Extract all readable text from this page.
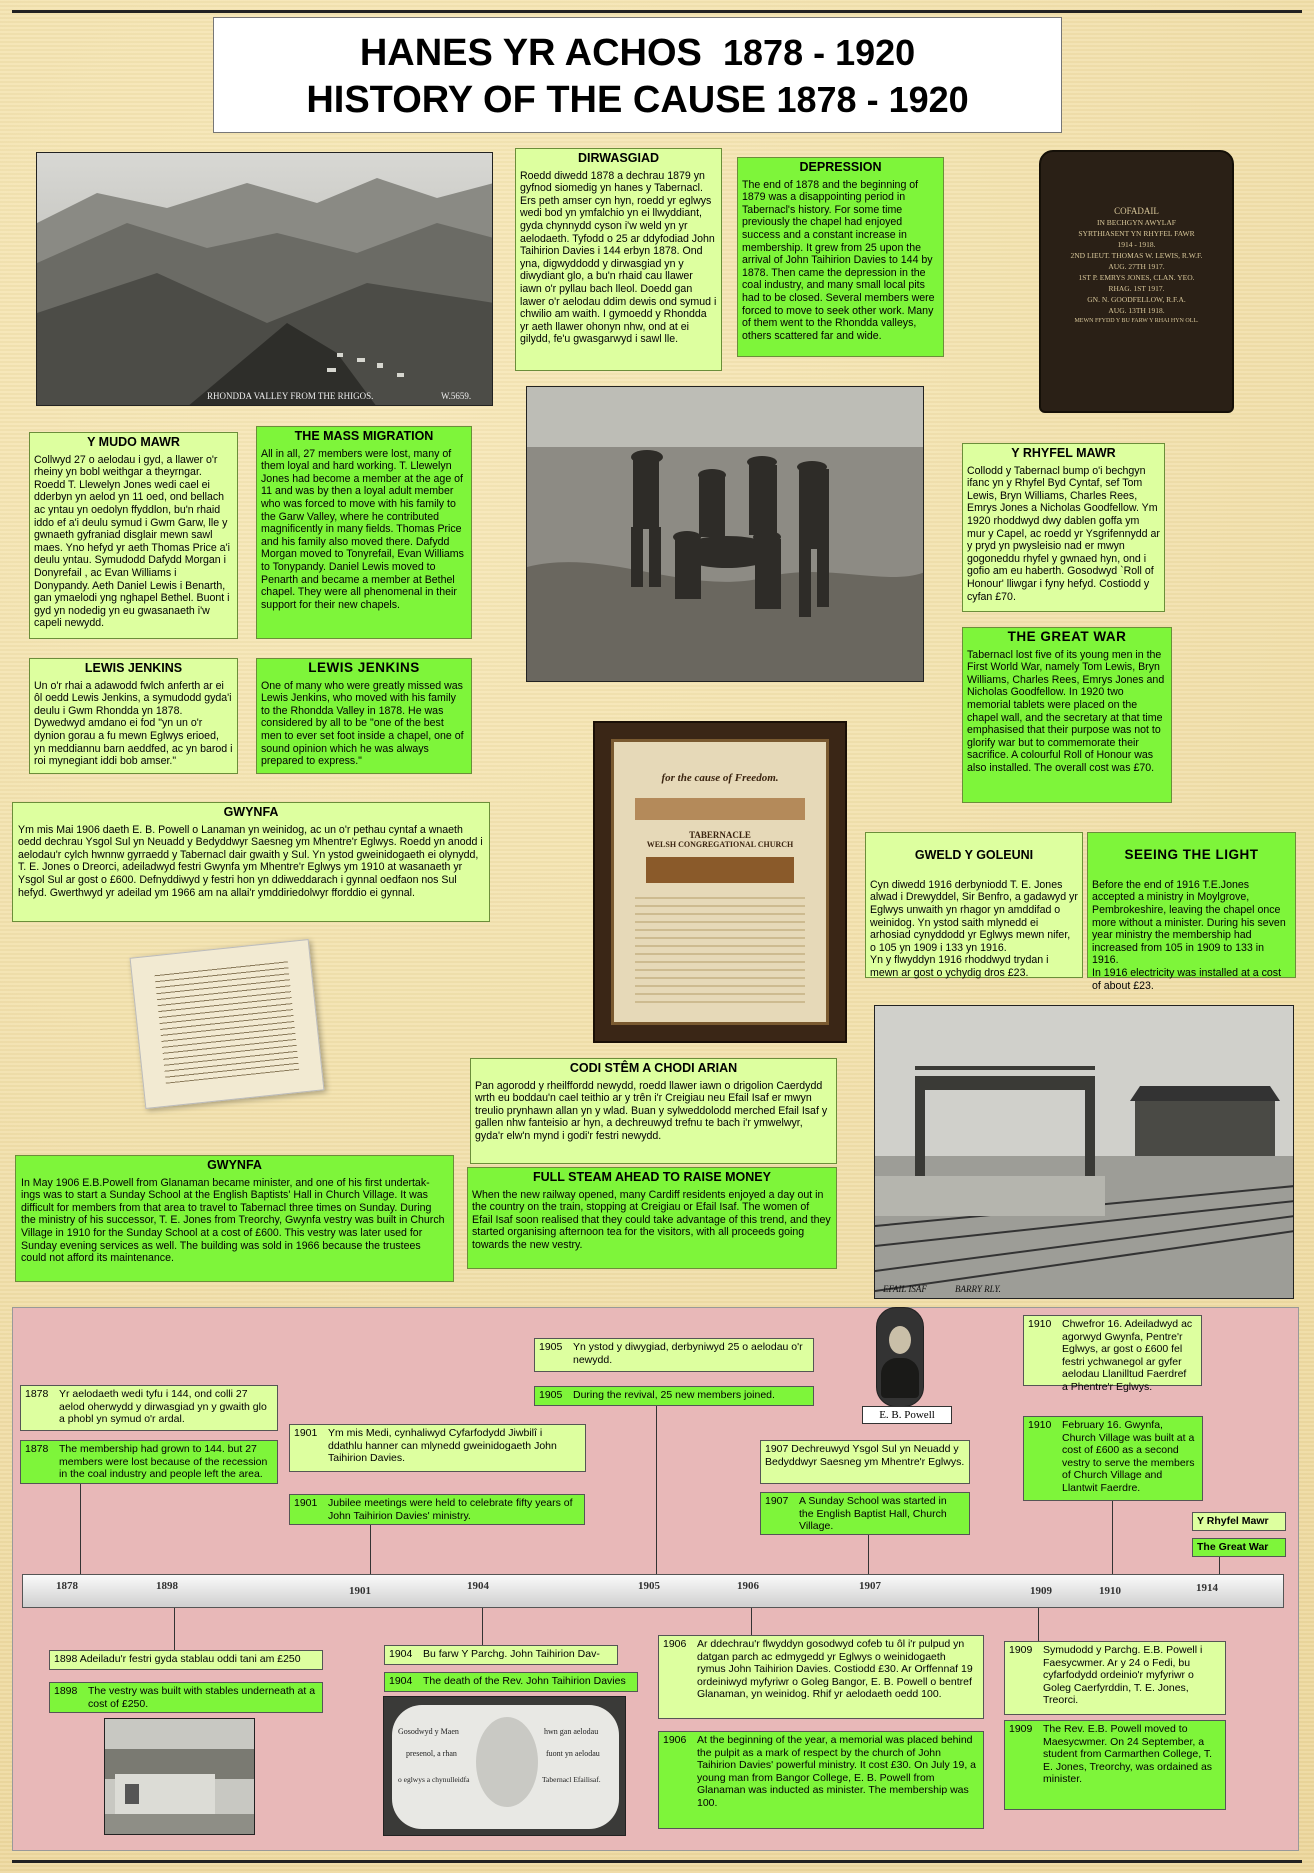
HANES YR ACHOS 1878 - 1920
HISTORY OF THE CAUSE 1878 - 1920
RHONDDA VALLEY FROM THE RHIGOS.	W.5659.
DIRWASGIAD
Roedd diwedd 1878 a dechrau 1879 yn gyfnod siomedig yn hanes y Tabernacl. Ers peth amser cyn hyn, roedd yr eglwys wedi bod yn ymfalchio yn ei llwyddiant, gyda chynnydd cyson i'w weld yn yr aelodaeth. Tyfodd o 25 ar ddyfodiad John Taihirion Davies i 144 erbyn 1878. Ond yna, digwyddodd y dirwasgiad yn y diwydiant glo, a bu'n rhaid cau llawer iawn o'r pyllau bach lleol. Doedd gan lawer o'r aelodau ddim dewis ond symud i chwilio am waith. I gymoedd y Rhondda yr aeth llawer ohonyn nhw, ond at ei gilydd, fe'u gwasgarwyd i sawl lle.
DEPRESSION
The end of 1878 and the beginning of 1879 was a disappointing period in Tabernacl's history. For some time previously the chapel had enjoyed success and a constant increase in membership. It grew from 25 upon the arrival of John Taihirion Davies to 144 by 1878. Then came the depression in the coal industry, and many small local pits had to be closed. Several members were forced to move to seek other work. Many of them went to the Rhondda valleys, others scattered far and wide.
COFADAIL
IN BECHGYN AWYLAF
SYRTHIASENT YN RHYFEL FAWR
1914 - 1918.
2ND LIEUT. THOMAS W. LEWIS, R.W.F.
AUG. 27TH 1917.
1ST P. EMRYS JONES, CLAN. YEO.
RHAG. 1ST 1917.
GN. N. GOODFELLOW, R.F.A.
AUG. 13TH 1918.
MEWN FFYDD Y BU FARW Y RHAI HYN OLL.
Y MUDO MAWR
Collwyd 27 o aelodau i gyd, a llawer o'r rheiny yn bobl weithgar a theyrngar. Roedd T. Llewelyn Jones wedi cael ei dderbyn yn aelod yn 11 oed, ond bellach ac yntau yn oedolyn ffyddlon, bu'n rhaid iddo ef a'i deulu symud i Gwm Garw, lle y gwnaeth gyfraniad disglair mewn sawl maes. Yno hefyd yr aeth Thomas Price a'i deulu yntau. Symudodd Dafydd Morgan i Donyrefail , ac Evan Williams i Donypandy. Aeth Daniel Lewis i Benarth, gan ymaelodi yng nghapel Bethel. Buont i gyd yn nodedig yn eu gwasanaeth i'w capeli newydd.
THE MASS MIGRATION
All in all, 27 members were lost, many of them loyal and hard working. T. Llewelyn Jones had become a member at the age of 11 and was by then a loyal adult member who was forced to move with his family to the Garw Valley, where he contributed magnificently in many fields. Thomas Price and his family also moved there. Dafydd Morgan moved to Tonyrefail, Evan Williams to Tonypandy. Daniel Lewis moved to Penarth and became a member at Bethel chapel. They were all phenomenal in their support for their new chapels.
Y RHYFEL MAWR
Collodd y Tabernacl bump o'i bechgyn ifanc yn y Rhyfel Byd Cyntaf, sef Tom Lewis, Bryn Williams, Charles Rees, Emrys Jones a Nicholas Goodfellow. Ym 1920 rhoddwyd dwy dablen goffa ym mur y Capel, ac roedd yr Ysgrifennydd ar y pryd yn pwysleisio nad er mwyn gogoneddu rhyfel y gwnaed hyn, ond i gofio am eu haberth. Gosodwyd `Roll of Honour' lliwgar i fyny hefyd. Costiodd y cyfan £70.
THE GREAT WAR
Tabernacl lost five of its young men in the First World War, namely Tom Lewis, Bryn Williams, Charles Rees, Emrys Jones and Nicholas Goodfellow. In 1920 two memorial tablets were placed on the chapel wall, and the secretary at that time emphasised that their purpose was not to glorify war but to commemorate their sacrifice. A colourful Roll of Honour was also installed. The overall cost was £70.
LEWIS JENKINS
Un o'r rhai a adawodd fwlch anferth ar ei ôl oedd Lewis Jenkins, a symudodd gyda'i deulu i Gwm Rhondda yn 1878. Dywedwyd amdano ei fod "yn un o'r dynion gorau a fu mewn Eglwys erioed, yn meddiannu barn aeddfed, ac yn barod i roi mynegiant iddi bob amser."
LEWIS JENKINS
One of many who were greatly missed was Lewis Jenkins, who moved with his family to the Rhondda Valley in 1878. He was considered by all to be "one of the best men to ever set foot inside a chapel, one of sound opinion which he was always prepared to express."
for the cause of Freedom.
TABERNACLE
WELSH CONGREGATIONAL CHURCH
GWYNFA
Ym mis Mai 1906 daeth E. B. Powell o Lanaman yn weinidog, ac un o'r pethau cyntaf a wnaeth oedd dechrau Ysgol Sul yn Neuadd y Bedyddwyr Saesneg ym Mhentre'r Eglwys. Roedd yn anodd i aelodau'r cylch hwnnw gyrraedd y Tabernacl dair gwaith y Sul. Yn ystod gweinidogaeth ei olynydd, T. E. Jones o Dreorci, adeiladwyd festri Gwynfa ym Mhentre'r Eglwys ym 1910 at wasanaeth yr Ysgol Sul ar gost o £600. Defnyddiwyd y festri hon yn ddiweddarach i gynnal oedfaon nos Sul hefyd. Gwerthwyd yr adeilad ym 1966 am na allai'r ymddiriedolwyr fforddio ei gynnal.

GWELD Y GOLEUNI

Cyn diwedd 1916 derbyniodd T. E. Jones alwad i Drewyddel, Sir Benfro, a gadawyd yr Eglwys unwaith yn rhagor yn amddifad o weinidog. Yn ystod saith mlynedd ei arhosiad cynyddodd yr Eglwys mewn nifer, o 105 yn 1909 i 133 yn 1916.
Yn y flwyddyn 1916 rhoddwyd trydan i mewn ar gost o ychydig dros £23.

SEEING THE LIGHT

Before the end of 1916 T.E.Jones accepted a ministry in Moylgrove, Pembrokeshire, leaving the chapel once more without a minister. During his seven year ministry the membership had increased from 105 in 1909 to 133 in 1916.
In 1916 electricity was installed at a cost of about £23.

EFAIL ISAF	BARRY RLY.
CODI STÊM A CHODI ARIAN
Pan agorodd y rheilffordd newydd, roedd llawer iawn o drigolion Caerdydd wrth eu boddau'n cael teithio ar y trên i'r Creigiau neu Efail Isaf er mwyn treulio prynhawn allan yn y wlad. Buan y sylweddolodd merched Efail Isaf y gallen nhw fanteisio ar hyn, a dechreuwyd trefnu te bach i'r ymwelwyr, gyda'r elw'n mynd i godi'r festri newydd.
FULL STEAM AHEAD TO RAISE MONEY
When the new railway opened, many Cardiff residents enjoyed a day out in the country on the train, stopping at Creigiau or Efail Isaf. The women of Efail Isaf soon realised that they could take advantage of this trend, and they started organising afternoon tea for the visitors, with all proceeds going towards the new vestry.
GWYNFA
In May 1906 E.B.Powell from Glanaman became minister, and one of his first undertak-ings was to start a Sunday School at the English Baptists' Hall in Church Village. It was difficult for members from that area to travel to Tabernacl three times on Sunday. During the ministry of his successor, T. E. Jones from Treorchy, Gwynfa vestry was built in Church Village in 1910 for the Sunday School at a cost of £600. This vestry was later used for Sunday evening services as well. The building was sold in 1966 because the trustees could not afford its maintenance.
1878	1898	1901	1904	1905	1906	1907	1909	1910	1914
1878 Yr aelodaeth wedi tyfu i 144, ond colli 27 aelod oherwydd y dirwasgiad yn y gwaith glo a phobl yn symud o'r ardal.
1878 The membership had grown to 144. but 27 members were lost because of the recession in the coal industry and people left the area.
1901 Ym mis Medi, cynhaliwyd Cyfarfodydd Jiwbilî i ddathlu hanner can mlynedd gweinidogaeth John Taihirion Davies.
1901 Jubilee meetings were held to celebrate fifty years of John Taihirion Davies' ministry.
1905 Yn ystod y diwygiad, derbyniwyd 25 o aelodau o'r newydd.
1905 During the revival, 25 new members joined.
E. B. Powell
1907 Dechreuwyd Ysgol Sul yn Neuadd y Bedyddwyr Saesneg ym Mhentre'r Eglwys.
1907 A Sunday School was started in the English Baptist Hall, Church Village.
1910 Chwefror 16. Adeiladwyd ac agorwyd Gwynfa, Pentre'r Eglwys, ar gost o £600 fel festri ychwanegol ar gyfer aelodau Llanilltud Faerdref a Phentre'r Eglwys.
1910 February 16. Gwynfa, Church Village was built at a cost of £600 as a second vestry to serve the members of Church Village and Llantwit Faerdre.
Y Rhyfel Mawr
The Great War
1898 Adeiladu'r festri gyda stablau oddi tani am £250
1898 The vestry was built with stables underneath at a cost of £250.
1904 Bu farw Y Parchg. John Taihirion Dav-
1904 The death of the Rev. John Taihirion Davies
Gosodwyd y Maen
presenol, a rhan
o eglwys a chynulleidfa
hwn gan aelodau
fuont yn aelodau
Tabernacl Efailisaf.
1906 Ar ddechrau'r flwyddyn gosodwyd cofeb tu ôl i'r pulpud yn datgan parch ac edmygedd yr Eglwys o weinidogaeth rymus John Taihirion Davies. Costiodd £30. Ar Orffennaf 19 ordeiniwyd myfyriwr o Goleg Bangor, E. B. Powell o bentref Glanaman, yn weinidog. Rhif yr aelodaeth oedd 100.
1906 At the beginning of the year, a memorial was placed behind the pulpit as a mark of respect by the church of John Taihirion Davies' powerful ministry. It cost £30. On July 19, a young man from Bangor College, E. B. Powell from Glanaman was inducted as minister. The membership was 100.
1909 Symudodd y Parchg. E.B. Powell i Faesycwmer. Ar y 24 o Fedi, bu cyfarfodydd ordeinio'r myfyriwr o Goleg Caerfyrddin, T. E. Jones, Treorci.
1909 The Rev. E.B. Powell moved to Maesycwmer. On 24 September, a student from Carmarthen College, T. E. Jones, Treorchy, was ordained as minister.
